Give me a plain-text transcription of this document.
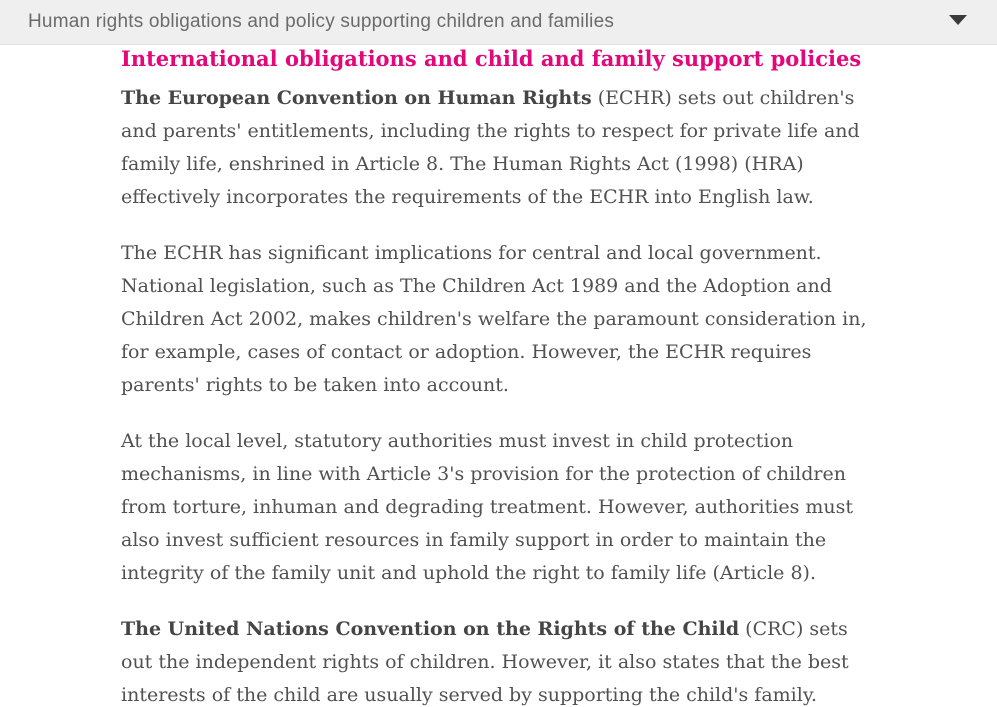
Human rights obligations and policy supporting children and families
International obligations and child and family support policies

The European Convention on Human Rights (ECHR) sets out children's and parents' entitlements, including the rights to respect for private life and family life, enshrined in Article 8. The Human Rights Act (1998) (HRA) effectively incorporates the requirements of the ECHR into English law.

The ECHR has significant implications for central and local government. National legislation, such as The Children Act 1989 and the Adoption and Children Act 2002, makes children's welfare the paramount consideration in, for example, cases of contact or adoption. However, the ECHR requires parents' rights to be taken into account.

At the local level, statutory authorities must invest in child protection mechanisms, in line with Article 3's provision for the protection of children from torture, inhuman and degrading treatment. However, authorities must also invest sufficient resources in family support in order to maintain the integrity of the family unit and uphold the right to family life (Article 8).

The United Nations Convention on the Rights of the Child (CRC) sets out the independent rights of children. However, it also states that the best interests of the child are usually served by supporting the child's family.
